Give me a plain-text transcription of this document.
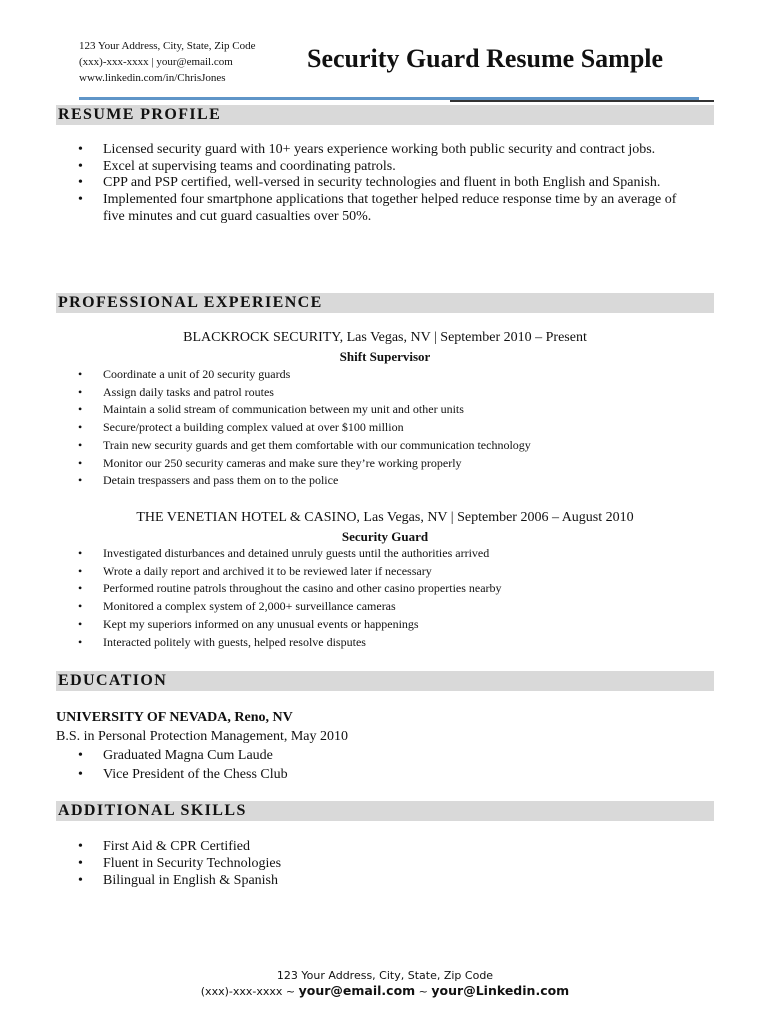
123 Your Address, City, State, Zip Code
(xxx)-xxx-xxxx | your@email.com
www.linkedin.com/in/ChrisJones
Security Guard Resume Sample
RESUME PROFILE
• Licensed security guard with 10+ years experience working both public security and contract jobs.
• Excel at supervising teams and coordinating patrols.
• CPP and PSP certified, well-versed in security technologies and fluent in both English and Spanish.
• Implemented four smartphone applications that together helped reduce response time by an average of five minutes and cut guard casualties over 50%.
PROFESSIONAL EXPERIENCE
BLACKROCK SECURITY, Las Vegas, NV | September 2010 – Present
Shift Supervisor
• Coordinate a unit of 20 security guards
• Assign daily tasks and patrol routes
• Maintain a solid stream of communication between my unit and other units
• Secure/protect a building complex valued at over $100 million
• Train new security guards and get them comfortable with our communication technology
• Monitor our 250 security cameras and make sure they’re working properly
• Detain trespassers and pass them on to the police
THE VENETIAN HOTEL & CASINO, Las Vegas, NV | September 2006 – August 2010
Security Guard
• Investigated disturbances and detained unruly guests until the authorities arrived
• Wrote a daily report and archived it to be reviewed later if necessary
• Performed routine patrols throughout the casino and other casino properties nearby
• Monitored a complex system of 2,000+ surveillance cameras
• Kept my superiors informed on any unusual events or happenings
• Interacted politely with guests, helped resolve disputes
EDUCATION
UNIVERSITY OF NEVADA, Reno, NV
B.S. in Personal Protection Management, May 2010
• Graduated Magna Cum Laude
• Vice President of the Chess Club
ADDITIONAL SKILLS
• First Aid & CPR Certified
• Fluent in Security Technologies
• Bilingual in English & Spanish
123 Your Address, City, State, Zip Code
(xxx)-xxx-xxxx ~ your@email.com ~ your@Linkedin.com
